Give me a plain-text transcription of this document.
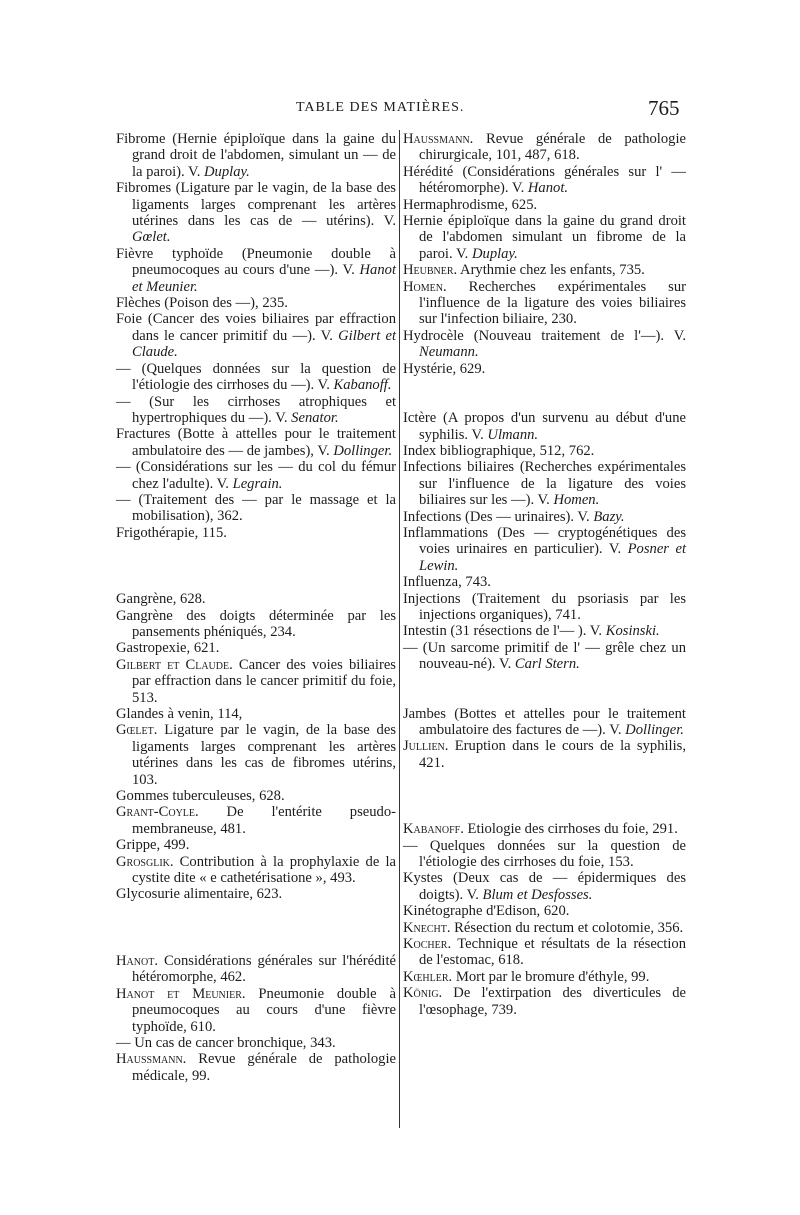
TABLE DES MATIÈRES.	765

Fibrome (Hernie épiploïque dans la gaine du grand droit de l'abdomen, simulant un — de la paroi). V. Duplay.

Fibromes (Ligature par le vagin, de la base des ligaments larges comprenant les artères utérines dans les cas de — utérins). V. Gœlet.

Fièvre typhoïde (Pneumonie double à pneumocoques au cours d'une —). V. Hanot et Meunier.

Flèches (Poison des —), 235.

Foie (Cancer des voies biliaires par effraction dans le cancer primitif du —). V. Gilbert et Claude.

— (Quelques données sur la question de l'étiologie des cirrhoses du —). V. Kabanoff.

— (Sur les cirrhoses atrophiques et hypertrophiques du —). V. Senator.

Fractures (Botte à attelles pour le traitement ambulatoire des — de jambes), V. Dollinger.

— (Considérations sur les — du col du fémur chez l'adulte). V. Legrain.

— (Traitement des — par le massage et la mobilisation), 362.

Frigothérapie, 115.

Gangrène, 628.

Gangrène des doigts déterminée par les pansements phéniqués, 234.

Gastropexie, 621.

Gilbert et Claude. Cancer des voies biliaires par effraction dans le cancer primitif du foie, 513.

Glandes à venin, 114,

Gœlet. Ligature par le vagin, de la base des ligaments larges comprenant les artères utérines dans les cas de fibromes utérins, 103.

Gommes tuberculeuses, 628.

Grant-Coyle. De l'entérite pseudo-membraneuse, 481.

Grippe, 499.

Grosglik. Contribution à la prophylaxie de la cystite dite « e cathetérisatione », 493.

Glycosurie alimentaire, 623.

Hanot. Considérations générales sur l'hérédité hétéromorphe, 462.

Hanot et Meunier. Pneumonie double à pneumocoques au cours d'une fièvre typhoïde, 610.

— Un cas de cancer bronchique, 343.

Haussmann. Revue générale de pathologie médicale, 99.

Haussmann. Revue générale de pathologie chirurgicale, 101, 487, 618.

Hérédité (Considérations générales sur l' — hétéromorphe). V. Hanot.

Hermaphrodisme, 625.

Hernie épiploïque dans la gaine du grand droit de l'abdomen simulant un fibrome de la paroi. V. Duplay.

Heubner. Arythmie chez les enfants, 735.

Homen. Recherches expérimentales sur l'influence de la ligature des voies biliaires sur l'infection biliaire, 230.

Hydrocèle (Nouveau traitement de l'—). V. Neumann.

Hystérie, 629.

Ictère (A propos d'un survenu au début d'une syphilis. V. Ulmann.

Index bibliographique, 512, 762.

Infections biliaires (Recherches expérimentales sur l'influence de la ligature des voies biliaires sur les —). V. Homen.

Infections (Des — urinaires). V. Bazy.

Inflammations (Des — cryptogénétiques des voies urinaires en particulier). V. Posner et Lewin.

Influenza, 743.

Injections (Traitement du psoriasis par les injections organiques), 741.

Intestin (31 résections de l'— ). V. Kosinski.

— (Un sarcome primitif de l' — grêle chez un nouveau-né). V. Carl Stern.

Jambes (Bottes et attelles pour le traitement ambulatoire des factures de —). V. Dollinger.

Jullien. Eruption dans le cours de la syphilis, 421.

Kabanoff. Etiologie des cirrhoses du foie, 291.

— Quelques données sur la question de l'étiologie des cirrhoses du foie, 153.

Kystes (Deux cas de — épidermiques des doigts). V. Blum et Desfosses.

Kinétographe d'Edison, 620.

Knecht. Résection du rectum et colotomie, 356.

Kocher. Technique et résultats de la résection de l'estomac, 618.

Kœhler. Mort par le bromure d'éthyle, 99.

König. De l'extirpation des diverticules de l'œsophage, 739.
